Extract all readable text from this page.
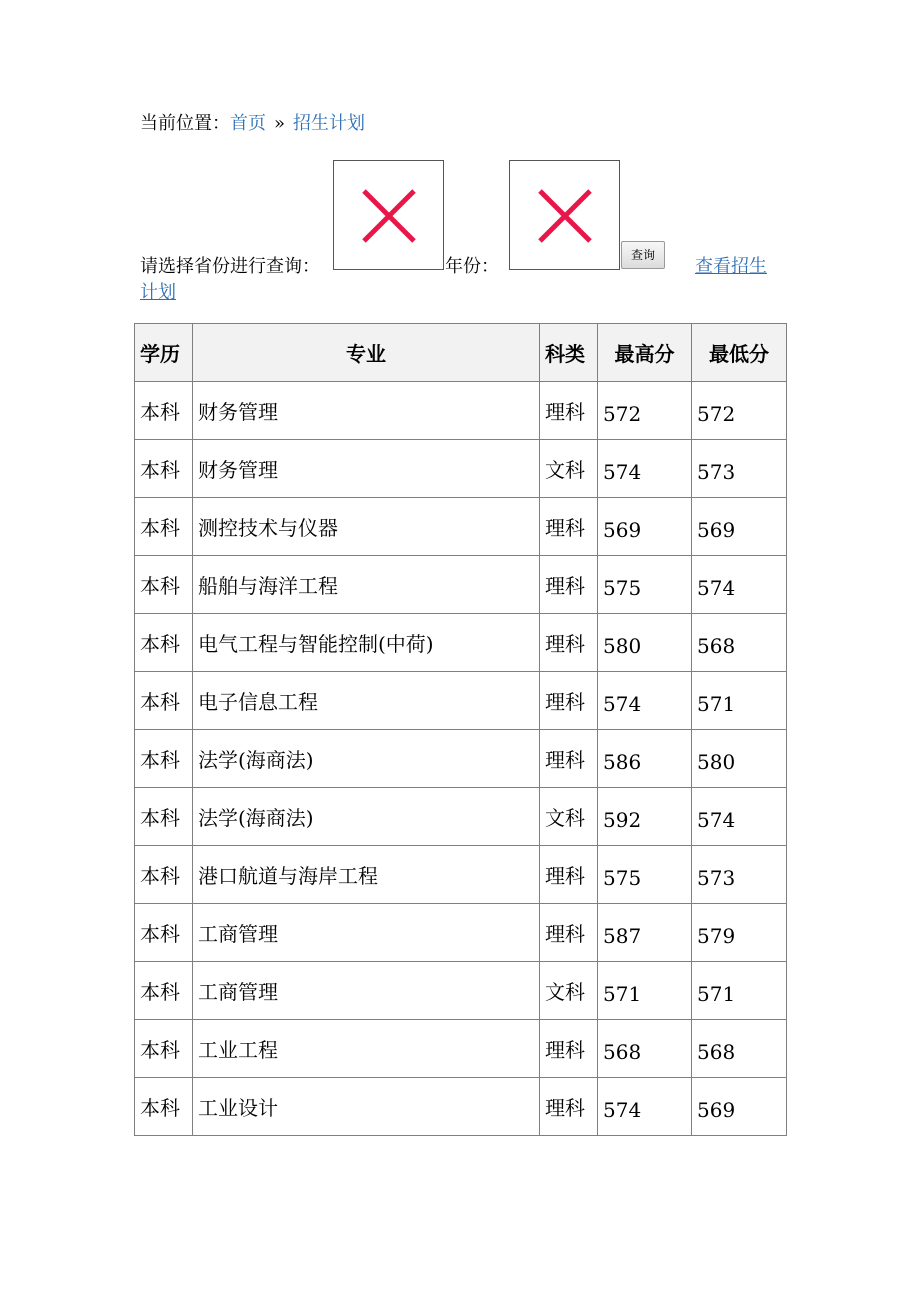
当前位置：首页 » 招生计划
请选择省份进行查询：	年份：
查询
查看招生计划
学历	专业	科类	最高分	最低分
本科	财务管理	理科	572	572
本科	财务管理	文科	574	573
本科	测控技术与仪器	理科	569	569
本科	船舶与海洋工程	理科	575	574
本科	电气工程与智能控制(中荷)	理科	580	568
本科	电子信息工程	理科	574	571
本科	法学(海商法)	理科	586	580
本科	法学(海商法)	文科	592	574
本科	港口航道与海岸工程	理科	575	573
本科	工商管理	理科	587	579
本科	工商管理	文科	571	571
本科	工业工程	理科	568	568
本科	工业设计	理科	574	569
